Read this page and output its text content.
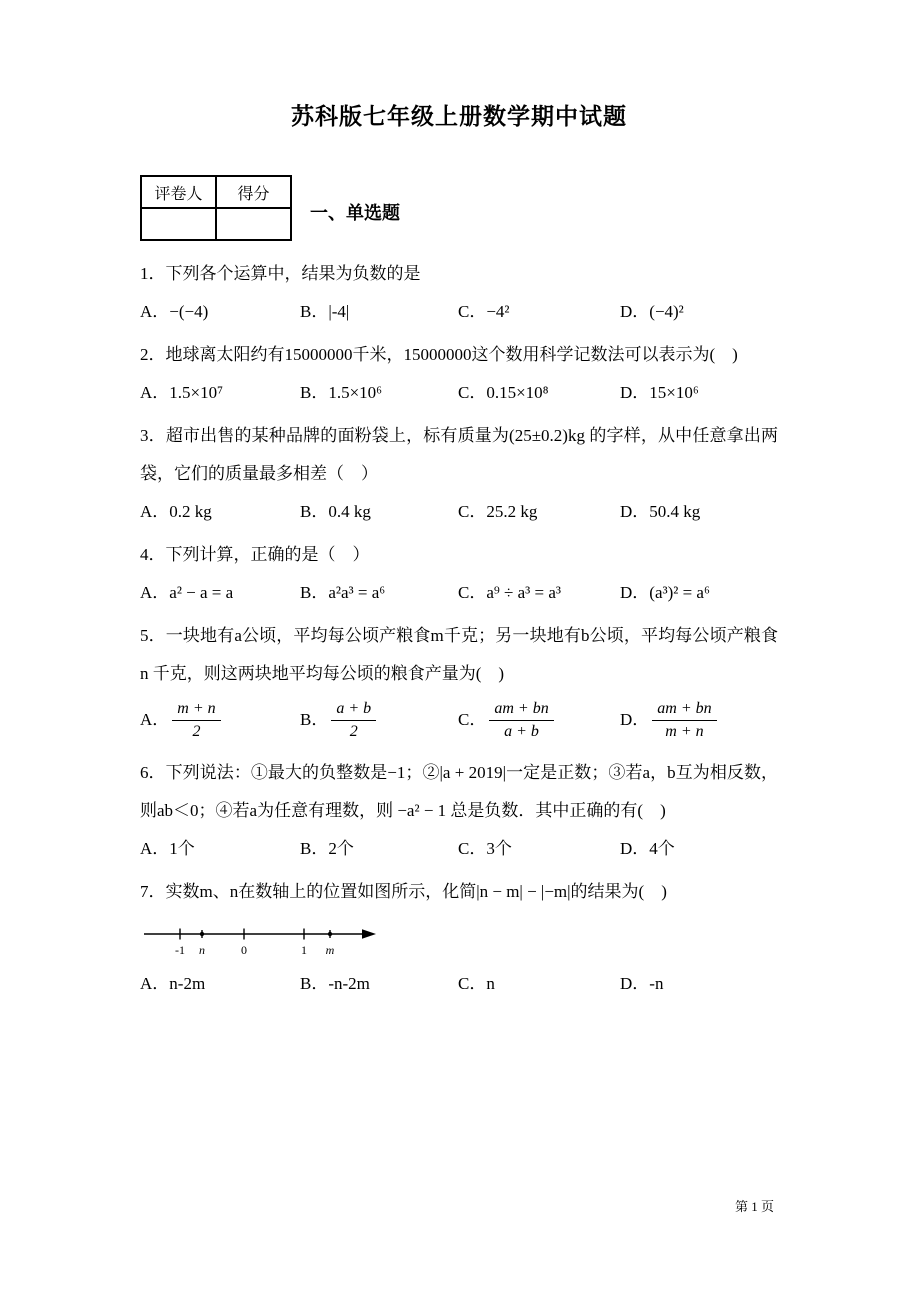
苏科版七年级上册数学期中试题
评卷人	得分

一、单选题

1．下列各个运算中，结果为负数的是

A．−(−4)	B．|-4|	C．−4²	D．(−4)²

2．地球离太阳约有15000000千米，15000000这个数用科学记数法可以表示为(　)

A．1.5×10⁷	B．1.5×10⁶	C．0.15×10⁸	D．15×10⁶

3．超市出售的某种品牌的面粉袋上，标有质量为(25±0.2)kg 的字样，从中任意拿出两袋，它们的质量最多相差（　）

A．0.2 kg	B．0.4 kg	C．25.2 kg	D．50.4 kg

4．下列计算，正确的是（　）

A．a² − a = a	B．a²a³ = a⁶	C．a⁹ ÷ a³ = a³	D．(a³)² = a⁶

5．一块地有a公顷，平均每公顷产粮食m千克；另一块地有b公顷，平均每公顷产粮食n 千克，则这两块地平均每公顷的粮食产量为(　)

A． $\frac{m + n}{2}$	B． $\frac{a + b}{2}$	C． $\frac{am + bn}{a + b}$	D． $\frac{am + bn}{m + n}$

6．下列说法：①最大的负整数是−1；②|a + 2019|一定是正数；③若a，b互为相反数，则ab＜0；④若a为任意有理数，则 −a² − 1 总是负数．其中正确的有(　)

A．1个	B．2个	C．3个	D．4个

7．实数m、n在数轴上的位置如图所示，化简|n − m| − |−m|的结果为(　)

-1 n	0	1 m
A．n-2m	B．-n-2m	C．n	D．-n
第 1 页
